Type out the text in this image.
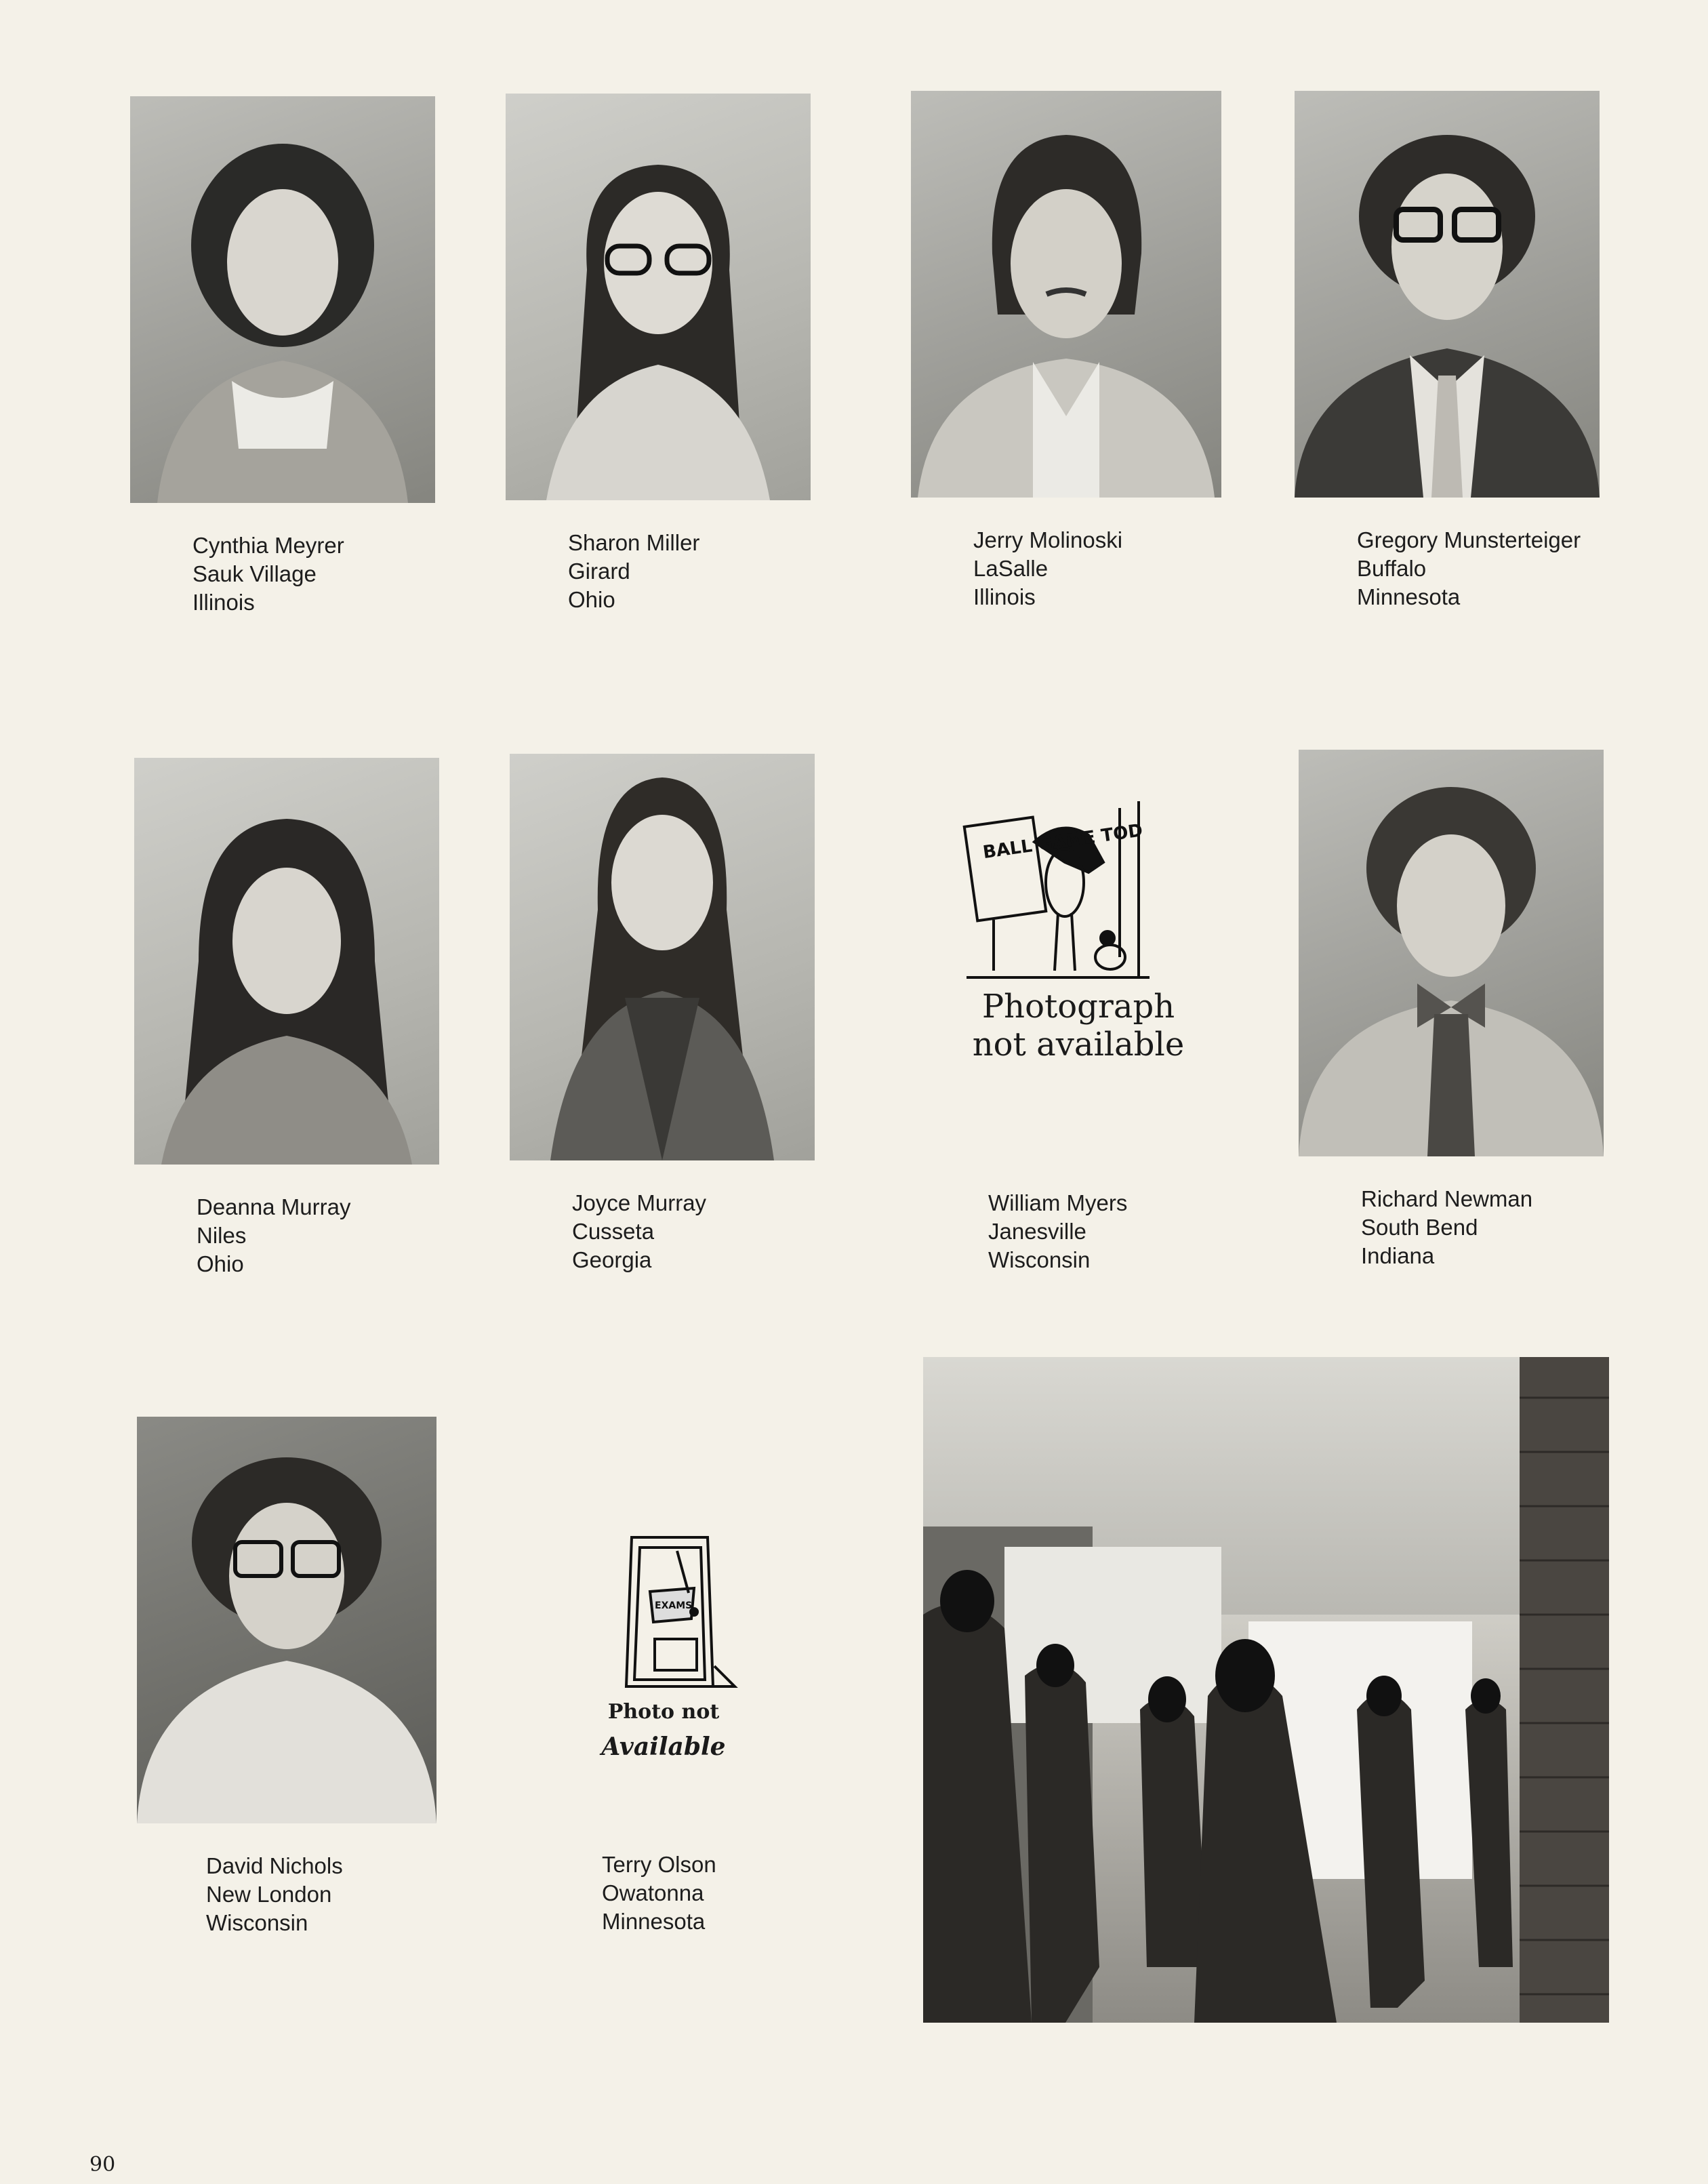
Cynthia Meyrer
Sauk Village
Illinois
Sharon Miller
Girard
Ohio
Jerry Molinoski
LaSalle
Illinois
Gregory Munsterteiger
Buffalo
Minnesota
Deanna Murray
Niles
Ohio
Joyce Murray
Cusseta
Georgia
BALL GAME TOD
Photograph
not available
William Myers
Janesville
Wisconsin
Richard Newman
South Bend
Indiana
David Nichols
New London
Wisconsin
EXAMS
Photo not
Available
Terry Olson
Owatonna
Minnesota
90
